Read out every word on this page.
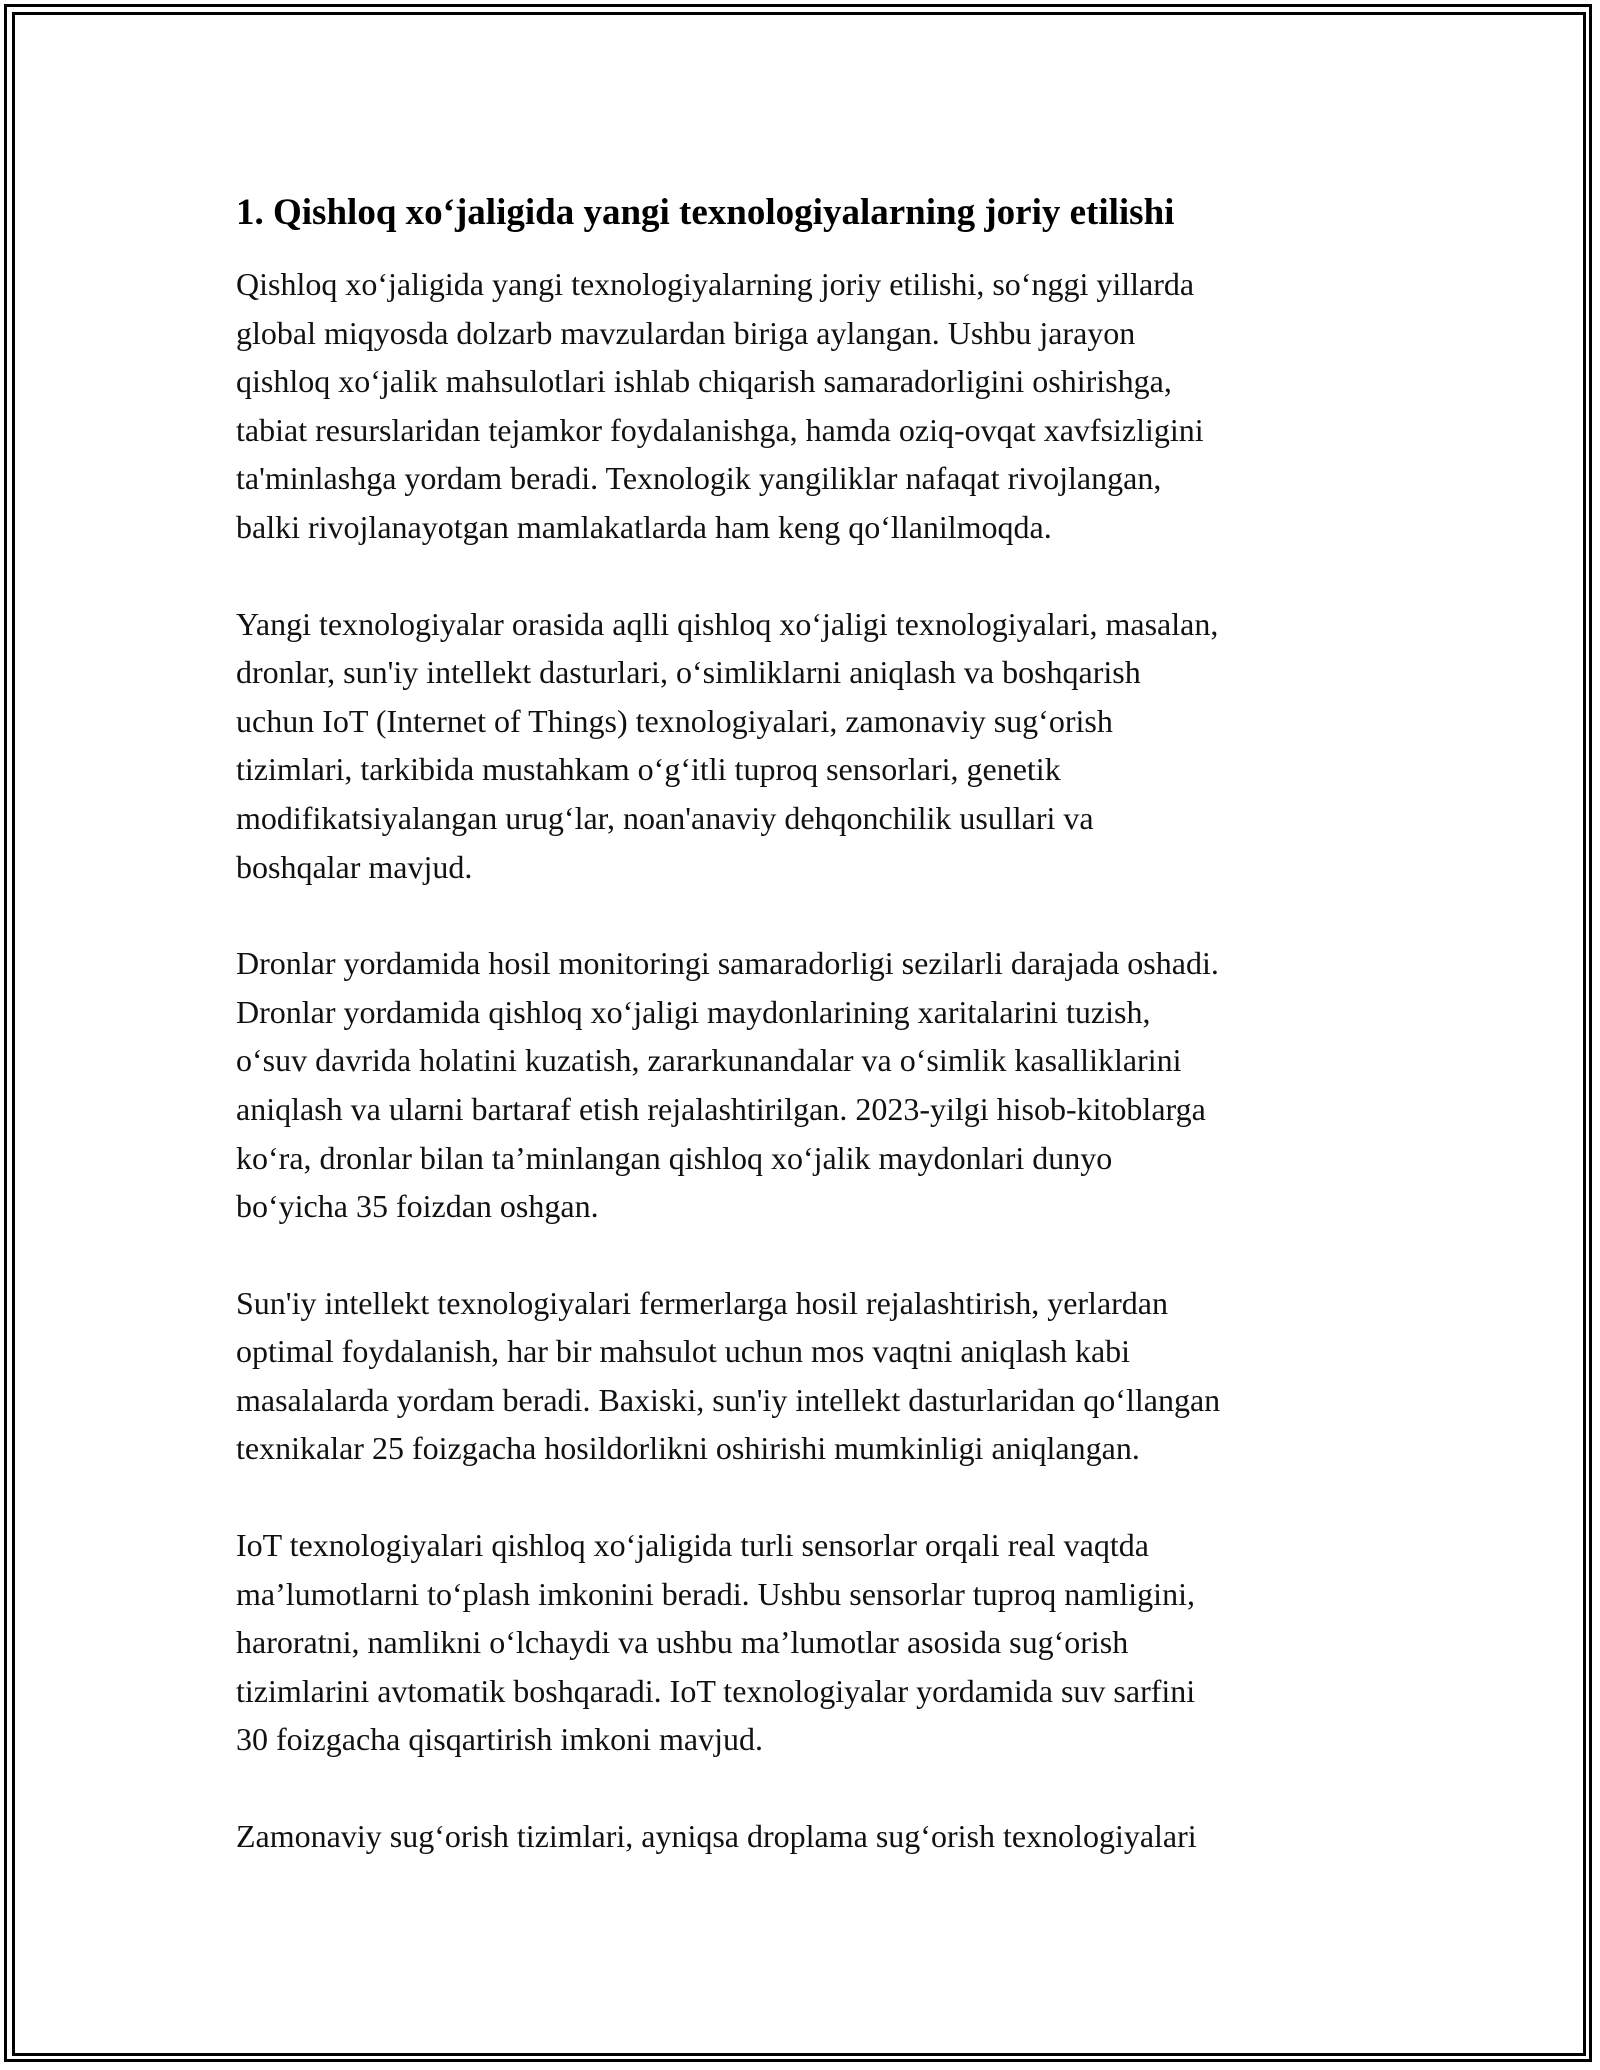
1. Qishloq xo‘jaligida yangi texnologiyalarning joriy etilishi

Qishloq xo‘jaligida yangi texnologiyalarning joriy etilishi, so‘nggi yillarda
global miqyosda dolzarb mavzulardan biriga aylangan. Ushbu jarayon
qishloq xo‘jalik mahsulotlari ishlab chiqarish samaradorligini oshirishga,
tabiat resurslaridan tejamkor foydalanishga, hamda oziq-ovqat xavfsizligini
ta'minlashga yordam beradi. Texnologik yangiliklar nafaqat rivojlangan,
balki rivojlanayotgan mamlakatlarda ham keng qo‘llanilmoqda.

Yangi texnologiyalar orasida aqlli qishloq xo‘jaligi texnologiyalari, masalan,
dronlar, sun'iy intellekt dasturlari, o‘simliklarni aniqlash va boshqarish
uchun IoT (Internet of Things) texnologiyalari, zamonaviy sug‘orish
tizimlari, tarkibida mustahkam o‘g‘itli tuproq sensorlari, genetik
modifikatsiyalangan urug‘lar, noan'anaviy dehqonchilik usullari va
boshqalar mavjud.

Dronlar yordamida hosil monitoringi samaradorligi sezilarli darajada oshadi.
Dronlar yordamida qishloq xo‘jaligi maydonlarining xaritalarini tuzish,
o‘suv davrida holatini kuzatish, zararkunandalar va o‘simlik kasalliklarini
aniqlash va ularni bartaraf etish rejalashtirilgan. 2023-yilgi hisob-kitoblarga
ko‘ra, dronlar bilan ta’minlangan qishloq xo‘jalik maydonlari dunyo
bo‘yicha 35 foizdan oshgan.

Sun'iy intellekt texnologiyalari fermerlarga hosil rejalashtirish, yerlardan
optimal foydalanish, har bir mahsulot uchun mos vaqtni aniqlash kabi
masalalarda yordam beradi. Baxiski, sun'iy intellekt dasturlaridan qo‘llangan
texnikalar 25 foizgacha hosildorlikni oshirishi mumkinligi aniqlangan.

IoT texnologiyalari qishloq xo‘jaligida turli sensorlar orqali real vaqtda
ma’lumotlarni to‘plash imkonini beradi. Ushbu sensorlar tuproq namligini,
haroratni, namlikni o‘lchaydi va ushbu ma’lumotlar asosida sug‘orish
tizimlarini avtomatik boshqaradi. IoT texnologiyalar yordamida suv sarfini
30 foizgacha qisqartirish imkoni mavjud.

Zamonaviy sug‘orish tizimlari, ayniqsa droplama sug‘orish texnologiyalari
